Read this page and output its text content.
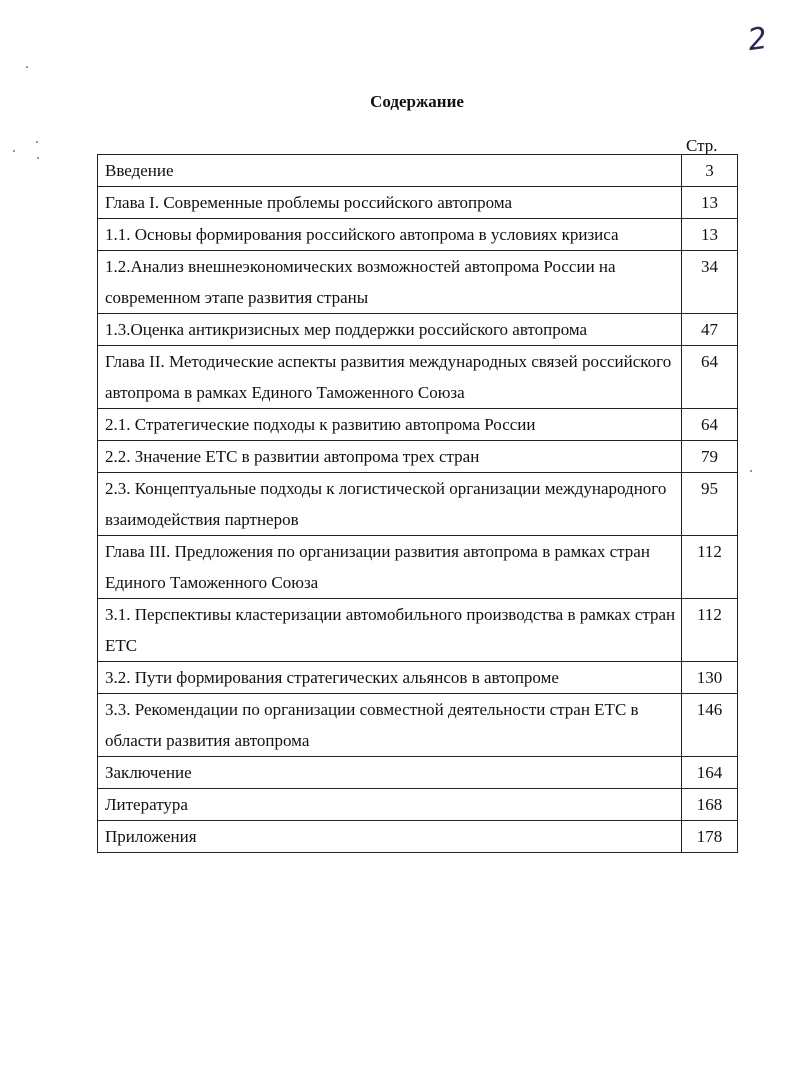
2
Содержание
Стр.
Введение	3
Глава I. Современные проблемы российского автопрома	13
1.1. Основы формирования российского автопрома в условиях кризиса	13
1.2.Анализ внешнеэкономических возможностей автопрома России на современном этапе развития страны	34
1.3.Оценка антикризисных мер поддержки российского автопрома	47
Глава II. Методические аспекты развития международных связей российского автопрома в рамках Единого Таможенного Союза	64
2.1. Стратегические подходы к развитию автопрома России	64
2.2. Значение ЕТС в развитии автопрома трех стран	79
2.3. Концептуальные подходы к логистической организации международного взаимодействия партнеров	95
Глава III. Предложения по организации развития автопрома в рамках стран Единого Таможенного Союза	112
3.1. Перспективы кластеризации автомобильного производства в рамках стран ЕТС	112
3.2. Пути формирования стратегических альянсов в автопроме	130
3.3. Рекомендации по организации совместной деятельности стран ЕТС в области развития автопрома	146
Заключение	164
Литература	168
Приложения	178
